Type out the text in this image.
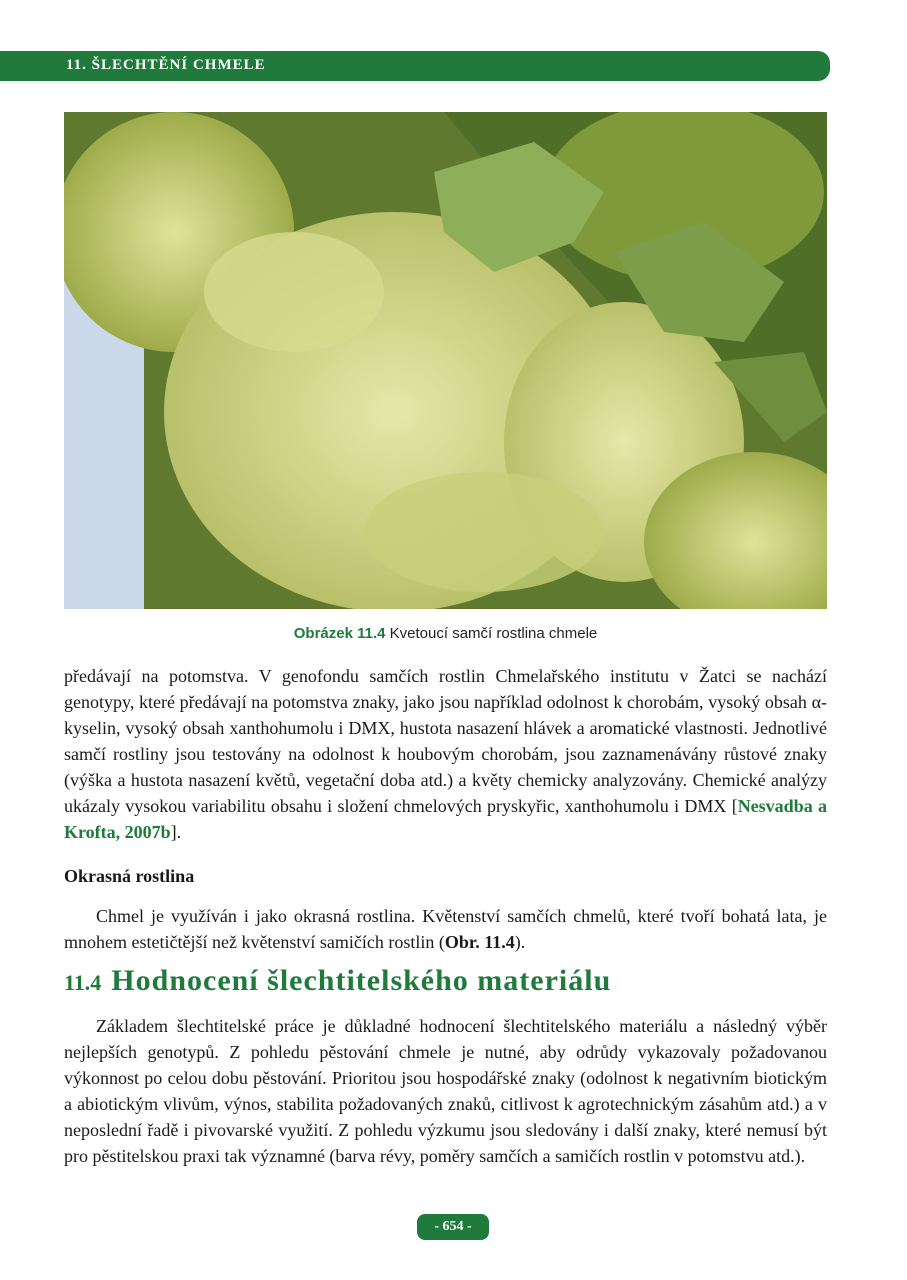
11. ŠLECHTĚNÍ CHMELE
Obrázek 11.4 Kvetoucí samčí rostlina chmele
předávají na potomstva. V genofondu samčích rostlin Chmelařského institutu v Žatci se nachází genotypy, které předávají na potomstva znaky, jako jsou například odolnost k chorobám, vysoký obsah α-kyselin, vysoký obsah xanthohumolu i DMX, hustota nasazení hlávek a aromatické vlastnosti. Jednotlivé samčí rostliny jsou testovány na odolnost k houbovým chorobám, jsou zaznamenávány růstové znaky (výška a hustota nasazení květů, vegetační doba atd.) a květy chemicky analyzovány. Chemické analýzy ukázaly vysokou variabilitu obsahu i složení chmelových pryskyřic, xanthohumolu i DMX [Nesvadba a Krofta, 2007b].
Okrasná rostlina
Chmel je využíván i jako okrasná rostlina. Květenství samčích chmelů, které tvoří bohatá lata, je mnohem estetičtější než květenství samičích rostlin (Obr. 11.4).
11.4 Hodnocení šlechtitelského materiálu
Základem šlechtitelské práce je důkladné hodnocení šlechtitelského materiálu a následný výběr nejlepších genotypů. Z pohledu pěstování chmele je nutné, aby odrůdy vykazovaly požadovanou výkonnost po celou dobu pěstování. Prioritou jsou hospodářské znaky (odolnost k negativním biotickým a abiotickým vlivům, výnos, stabilita požadovaných znaků, citlivost k agrotechnickým zásahům atd.) a v neposlední řadě i pivovarské využití. Z pohledu výzkumu jsou sledovány i další znaky, které nemusí být pro pěstitelskou praxi tak významné (barva révy, poměry samčích a samičích rostlin v potomstvu atd.).
- 654 -
